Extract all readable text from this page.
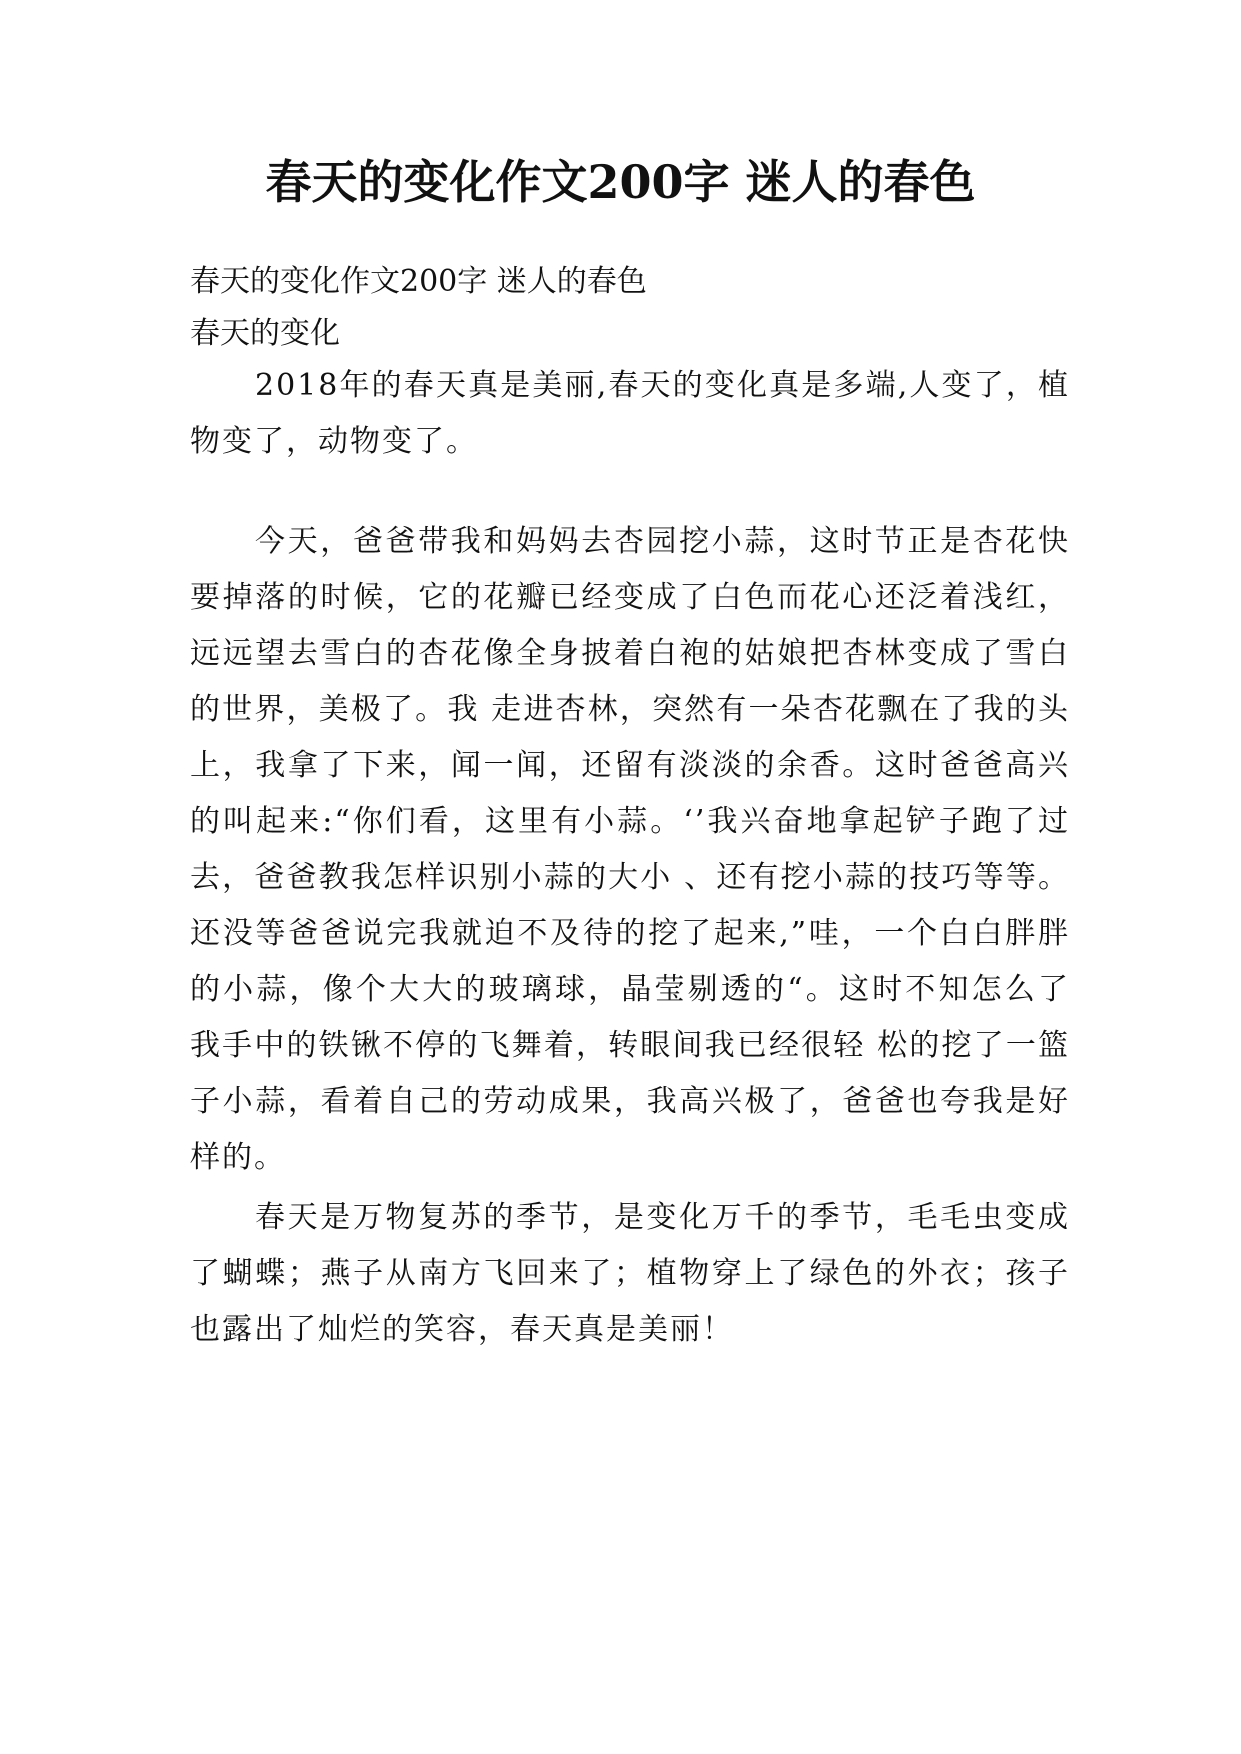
春天的变化作文200字 迷人的春色

春天的变化作文200字 迷人的春色

春天的变化

2018年的春天真是美丽,春天的变化真是多端,人变了，植物变了，动物变了。

今天，爸爸带我和妈妈去杏园挖小蒜，这时节正是杏花快要掉落的时候，它的花瓣已经变成了白色而花心还泛着浅红，远远望去雪白的杏花像全身披着白袍的姑娘把杏林变成了雪白的世界，美极了。我 走进杏林，突然有一朵杏花飘在了我的头上，我拿了下来，闻一闻，还留有淡淡的余香。这时爸爸高兴的叫起来:“你们看，这里有小蒜。‘’我兴奋地拿起铲子跑了过去，爸爸教我怎样识别小蒜的大小 、还有挖小蒜的技巧等等。还没等爸爸说完我就迫不及待的挖了起来,”哇，一个白白胖胖的小蒜，像个大大的玻璃球，晶莹剔透的“。这时不知怎么了我手中的铁锹不停的飞舞着，转眼间我已经很轻 松的挖了一篮子小蒜，看着自己的劳动成果，我高兴极了，爸爸也夸我是好样的。

春天是万物复苏的季节，是变化万千的季节，毛毛虫变成了蝴蝶；燕子从南方飞回来了；植物穿上了绿色的外衣；孩子也露出了灿烂的笑容，春天真是美丽！
